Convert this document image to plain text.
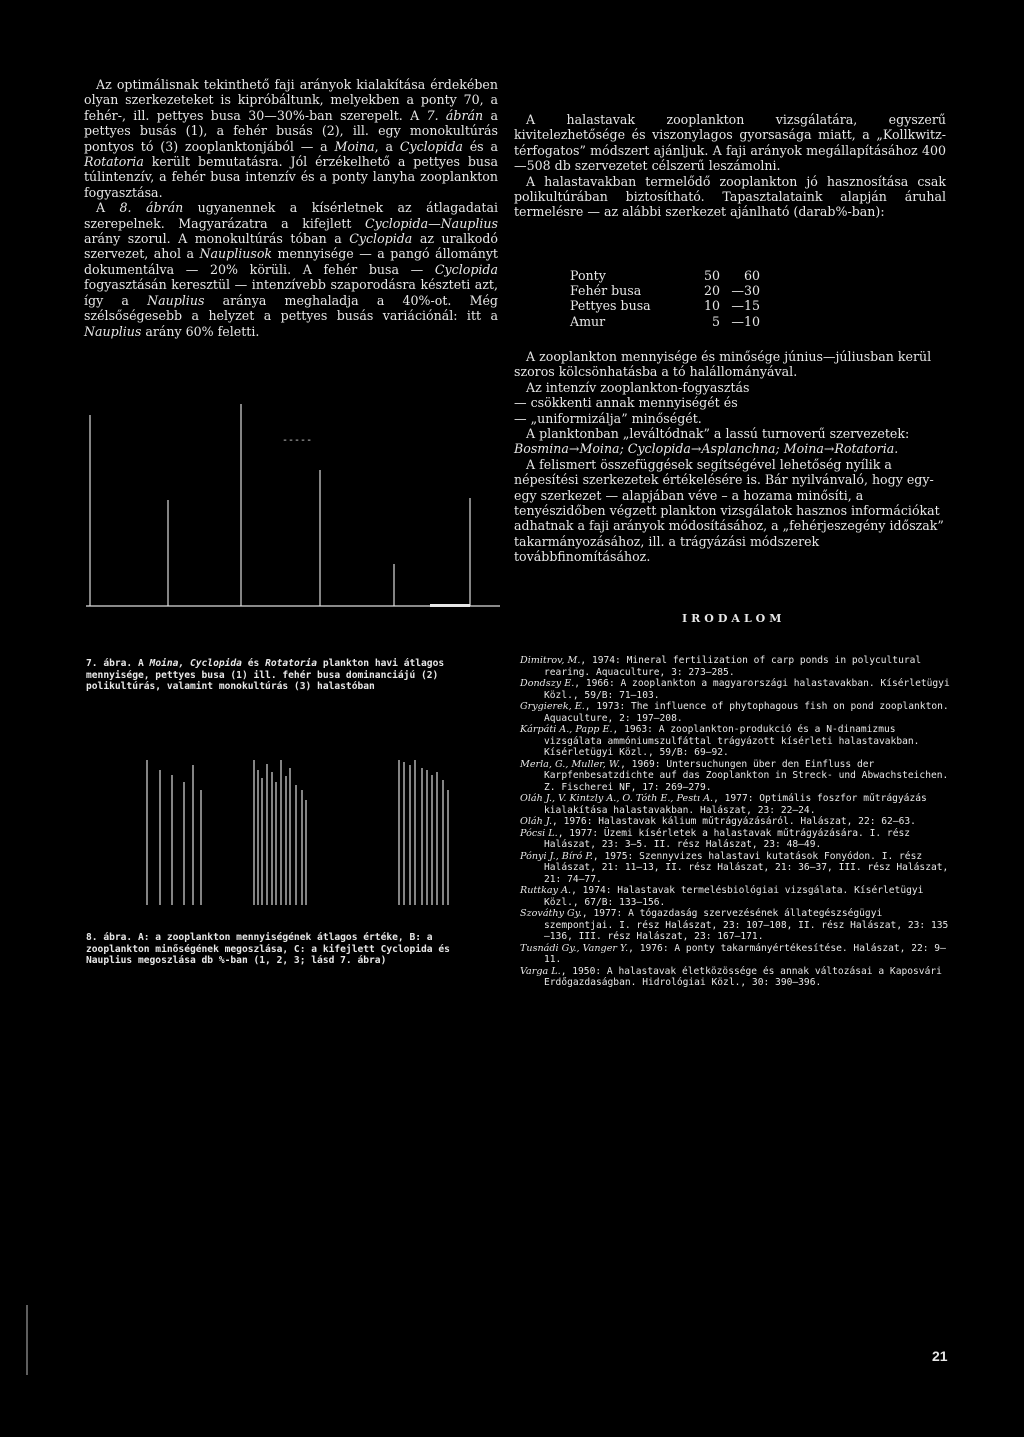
Az optimálisnak tekinthető faji arányok kialakítása érdekében olyan szerkezeteket is kipróbáltunk, melyekben a ponty 70, a fehér-, ill. pettyes busa 30—30%-ban szerepelt. A 7. ábrán a pettyes busás (1), a fehér busás (2), ill. egy monokultúrás pontyos tó (3) zooplanktonjából — a Moina, a Cyclopida és a Rotatoria került bemutatásra. Jól érzékelhető a pettyes busa túlintenzív, a fehér busa intenzív és a ponty lanyha zooplankton fogyasztása.

A 8. ábrán ugyanennek a kísérletnek az átlagadatai szerepelnek. Magyarázatra a kifejlett Cyclopida—Nauplius arány szorul. A monokultúrás tóban a Cyclopida az uralkodó szervezet, ahol a Naupliusok mennyisége — a pangó állományt dokumentálva — 20% körüli. A fehér busa — Cyclopida fogyasztásán keresztül — intenzívebb szaporodásra készteti azt, így a Nauplius aránya meghaladja a 40%-ot. Még szélsőségesebb a helyzet a pettyes busás variációnál: itt a Nauplius arány 60% feletti.

A halastavak zooplankton vizsgálatára, egyszerű kivitelezhetősége és viszonylagos gyorsasága miatt, a „Kollkwitz-térfogatos” módszert ajánljuk. A faji arányok megállapításához 400—508 db szervezetet célszerű leszámolni.

A halastavakban termelődő zooplankton jó hasznosítása csak polikultúrában biztosítható. Tapasztalataink alapján áruhal termelésre — az alábbi szerkezet ajánlható (darab%-ban):

Ponty	50	60
Fehér busa	20	—30
Pettyes busa	10	—15
Amur	5	—10

A zooplankton mennyisége és minősége június—júliusban kerül szoros kölcsönhatásba a tó halállományával.

Az intenzív zooplankton-fogyasztás

— csökkenti annak mennyiségét és

— „uniformizálja” minőségét.

A planktonban „leváltódnak” a lassú turnoverű szervezetek: Bosmina→Moina; Cyclopida→Asplanchna; Moina→Rotatoria.

A felismert összefüggések segítségével lehetőség nyílik a népesítési szerkezetek értékelésére is. Bár nyilvánvaló, hogy egy-egy szerkezet — alapjában véve – a hozama minősíti, a tenyészidőben végzett plankton vizsgálatok hasznos információkat adhatnak a faji arányok módosításához, a „fehérjeszegény időszak” takarmányozásához, ill. a trágyázási módszerek továbbfinomításához.

-----
7. ábra. A Moina, Cyclopida és Rotatoria plankton havi átlagos mennyisége, pettyes busa (1) ill. fehér busa dominanciájú (2) polikultúrás, valamint monokultúrás (3) halastóban
8. ábra. A: a zooplankton mennyiségének átlagos értéke, B: a zooplankton minőségének megoszlása, C: a kifejlett Cyclopida és Nauplius megoszlása db %-ban (1, 2, 3; lásd 7. ábra)
IRODALOM

Dimitrov, M., 1974: Mineral fertilization of carp ponds in polycultural rearing. Aquaculture, 3: 273—285.

Dondszy E., 1966: A zooplankton a magyarországi halastavakban. Kísérletügyi Közl., 59/B: 71—103.

Grygierek, E., 1973: The influence of phytophagous fish on pond zooplankton. Aquaculture, 2: 197—208.

Kárpáti A., Papp E., 1963: A zooplankton-produkció és a N-dinamizmus vizsgálata ammóniumszulfáttal trágyázott kísérleti halastavakban. Kísérletügyi Közl., 59/B: 69—92.

Merla, G., Muller, W., 1969: Untersuchungen über den Einfluss der Karpfenbesatzdichte auf das Zooplankton in Streck- und Abwachsteichen. Z. Fischerei NF, 17: 269—279.

Oláh J., V. Kintzly A., O. Tóth E., Pestı A., 1977: Optimális foszfor műtrágyázás kialakítása halastavakban. Halászat, 23: 22—24.

Oláh J., 1976: Halastavak kálium műtrágyázásáról. Halászat, 22: 62—63.

Pócsi L., 1977: Üzemi kísérletek a halastavak műtrágyázására. I. rész Halászat, 23: 3—5. II. rész Halászat, 23: 48—49.

Pónyi J., Bíró P., 1975: Szennyvizes halastavi kutatások Fonyódon. I. rész Halászat, 21: 11—13, II. rész Halászat, 21: 36—37, III. rész Halászat, 21: 74—77.

Ruttkay A., 1974: Halastavak termelésbiológiai vizsgálata. Kísérletügyi Közl., 67/B: 133—156.

Szováthy Gy., 1977: A tógazdaság szervezésének állategészségügyi szempontjai. I. rész Halászat, 23: 107—108, II. rész Halászat, 23: 135—136, III. rész Halászat, 23: 167—171.

Tusnádi Gy., Vanger Y., 1976: A ponty takarmányértékesítése. Halászat, 22: 9—11.

Varga L., 1950: A halastavak életközössége és annak változásai a Kaposvári Erdőgazdaságban. Hidrológiai Közl., 30: 390—396.

21
